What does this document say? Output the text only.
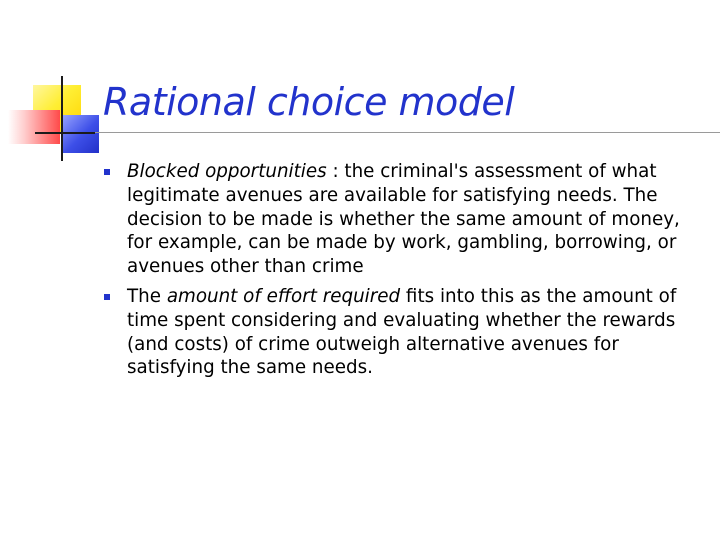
Rational choice model
Blocked opportunities : the criminal's assessment of what legitimate avenues are available for satisfying needs. The decision to be made is whether the same amount of money, for example, can be made by work, gambling, borrowing, or avenues other than crime
The amount of effort required fits into this as the amount of time spent considering and evaluating whether the rewards (and costs) of crime outweigh alternative avenues for satisfying the same needs.
